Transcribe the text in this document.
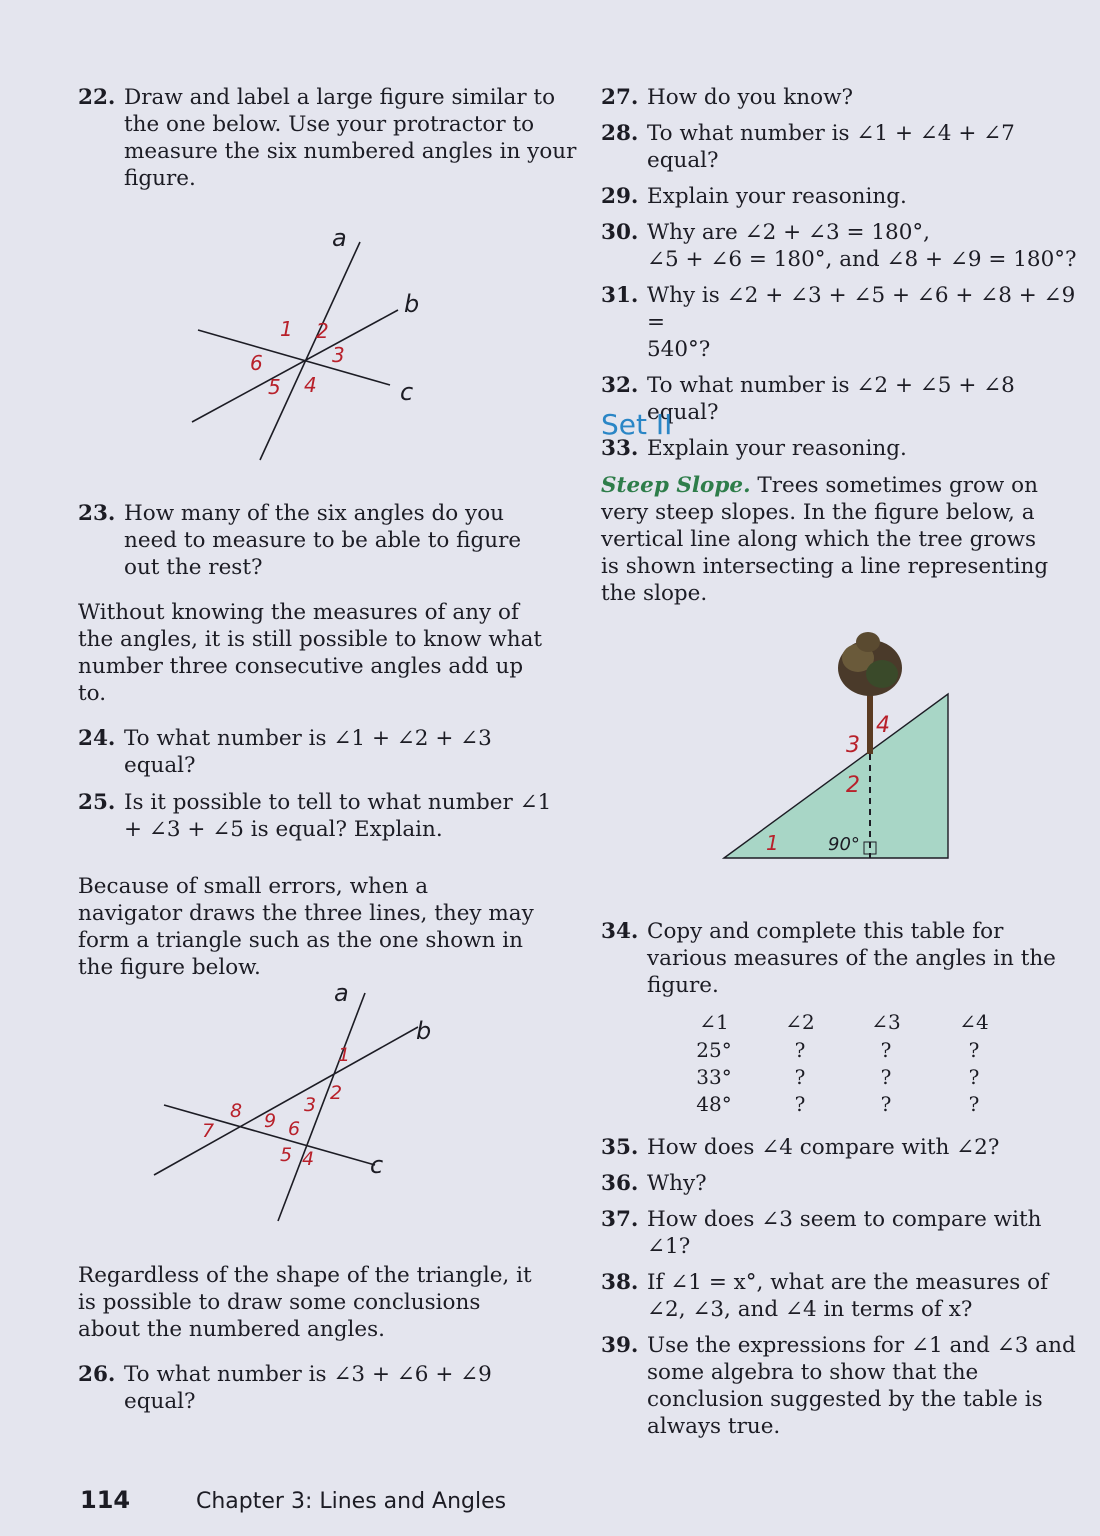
22. Draw and label a large figure similar to the one below. Use your protractor to measure the six numbered angles in your figure.

a
b
c
1 2
3
4
5
6

23. How many of the six angles do you need to measure to be able to figure out the rest?

Without knowing the measures of any of the angles, it is still possible to know what number three consecutive angles add up to.

24. To what number is ∠1 + ∠2 + ∠3 equal?

25. Is it possible to tell to what number ∠1 + ∠3 + ∠5 is equal? Explain.

Because of small errors, when a navigator draws the three lines, they may form a triangle such as the one shown in the figure below.

a
b
c
1
2
3
4
5
6
7
8 9

Regardless of the shape of the triangle, it is possible to draw some conclusions about the numbered angles.

26. To what number is ∠3 + ∠6 + ∠9 equal?

27. How do you know?

28. To what number is ∠1 + ∠4 + ∠7 equal?

29. Explain your reasoning.

30. Why are ∠2 + ∠3 = 180°,
∠5 + ∠6 = 180°, and ∠8 + ∠9 = 180°?

31. Why is ∠2 + ∠3 + ∠5 + ∠6 + ∠8 + ∠9 =
540°?

32. To what number is ∠2 + ∠5 + ∠8 equal?

33. Explain your reasoning.

Set II

Steep Slope. Trees sometimes grow on very steep slopes. In the figure below, a vertical line along which the tree grows is shown intersecting a line representing the slope.

1
2
3
4
90°

34. Copy and complete this table for various measures of the angles in the figure.

∠1	∠2	∠3	∠4
25°	?	?	?
33°	?	?	?
48°	?	?	?

35. How does ∠4 compare with ∠2?

36. Why?

37. How does ∠3 seem to compare with ∠1?

38. If ∠1 = x°, what are the measures of ∠2, ∠3, and ∠4 in terms of x?

39. Use the expressions for ∠1 and ∠3 and some algebra to show that the conclusion suggested by the table is always true.

114	Chapter 3: Lines and Angles
